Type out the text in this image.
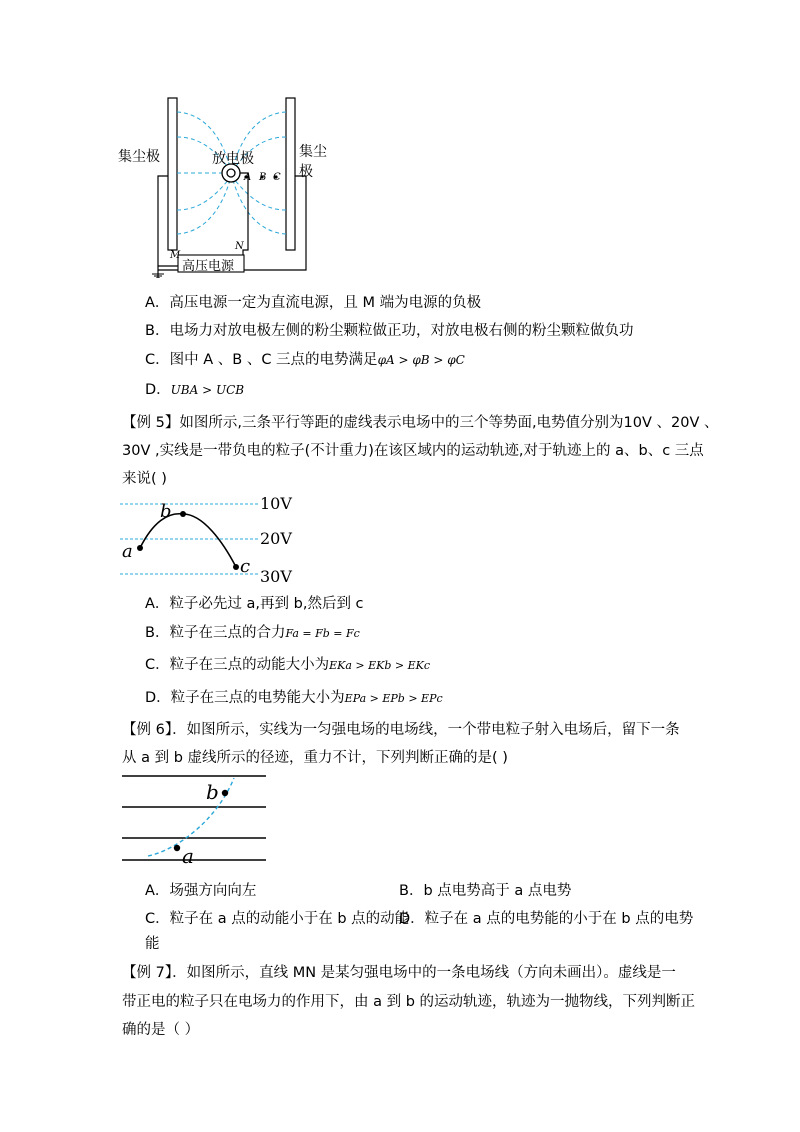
集尘极	集尘极
放电极
A B C
M
N
高压电源
A．高压电源一定为直流电源，且 M 端为电源的负极
B．电场力对放电极左侧的粉尘颗粒做正功，对放电极右侧的粉尘颗粒做负功
C．图中 A 、B 、C 三点的电势满足φA > φB > φC
D．UBA > UCB
【例 5】如图所示,三条平行等距的虚线表示电场中的三个等势面,电势值分别为10V 、20V 、
30V ,实线是一带负电的粒子(不计重力)在该区域内的运动轨迹,对于轨迹上的 a、b、c 三点
来说( )
10V
20V
30V
a
b
c
A．粒子必先过 a,再到 b,然后到 c
B．粒子在三点的合力Fa = Fb = Fc
C．粒子在三点的动能大小为EKa > EKb > EKc
D．粒子在三点的电势能大小为EPa > EPb > EPc
【例 6】．如图所示，实线为一匀强电场的电场线，一个带电粒子射入电场后，留下一条
从 a 到 b 虚线所示的径迹，重力不计，下列判断正确的是( )
a
b
A．场强方向向左	B．b 点电势高于 a 点电势
C．粒子在 a 点的动能小于在 b 点的动能
D．粒子在 a 点的电势能的小于在 b 点的电势
能
【例 7】．如图所示，直线 MN 是某匀强电场中的一条电场线（方向未画出）。虚线是一
带正电的粒子只在电场力的作用下，由 a 到 b 的运动轨迹，轨迹为一抛物线，下列判断正
确的是（ ）
